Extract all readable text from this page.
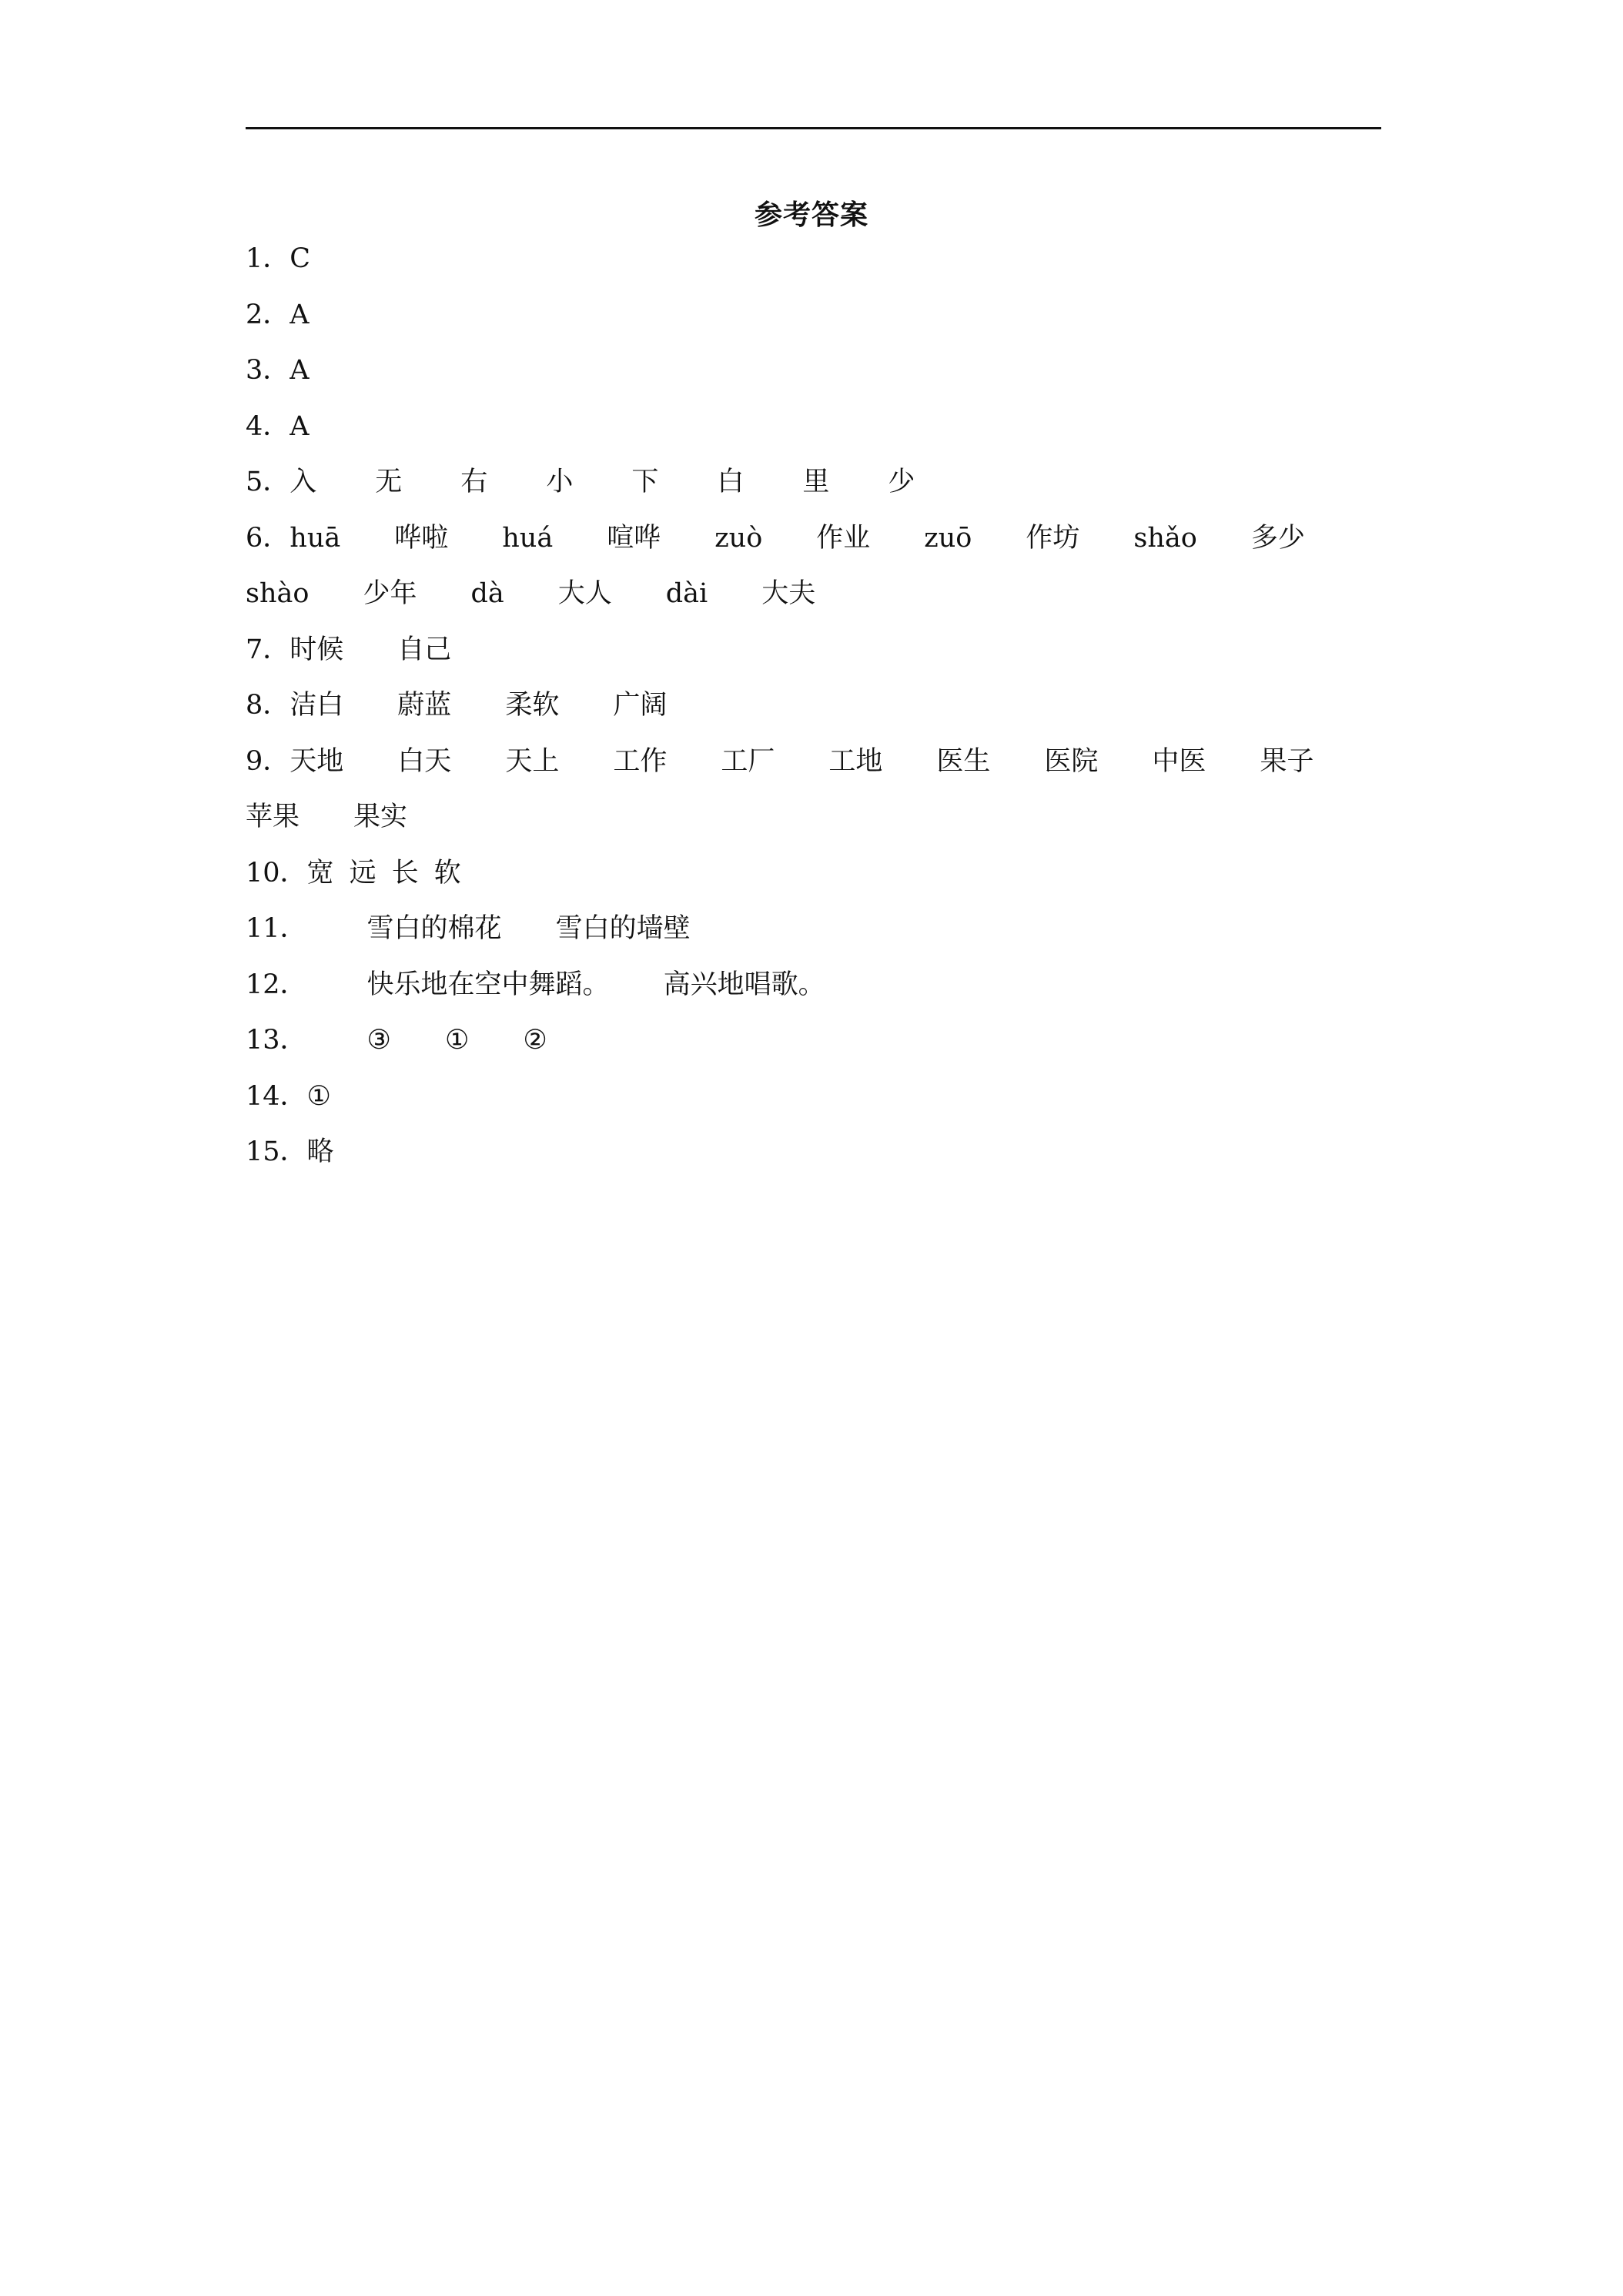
参考答案
1．C
2．A
3．A
4．A
5．入 无 右 小 下 白 里 少
6．huā 哗啦 huá 喧哗 zuò 作业 zuō 作坊 shǎo 多少
shào 少年 dà 大人 dài 大夫
7．时候 自己
8．洁白 蔚蓝 柔软 广阔
9．天地 白天 天上 工作 工厂 工地 医生 医院 中医 果子
苹果 果实
10．宽 远 长 软
11． 雪白的棉花 雪白的墙壁
12． 快乐地在空中舞蹈。 高兴地唱歌。
13． ③ ① ②
14．①
15．略
